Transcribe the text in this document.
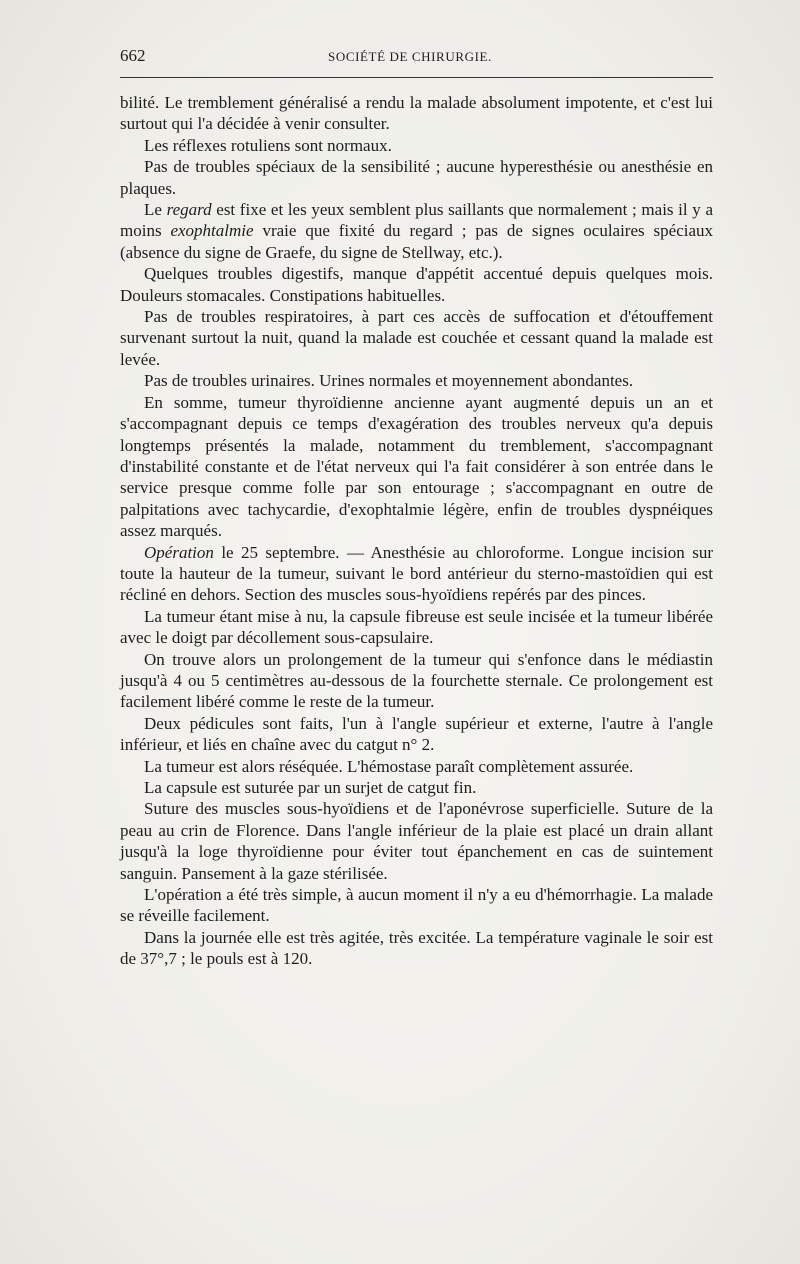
662	SOCIÉTÉ DE CHIRURGIE.

bilité. Le tremblement généralisé a rendu la malade absolument impotente, et c'est lui surtout qui l'a décidée à venir consulter.

Les réflexes rotuliens sont normaux.

Pas de troubles spéciaux de la sensibilité ; aucune hyperesthésie ou anesthésie en plaques.

Le regard est fixe et les yeux semblent plus saillants que normalement ; mais il y a moins exophtalmie vraie que fixité du regard ; pas de signes oculaires spéciaux (absence du signe de Graefe, du signe de Stellway, etc.).

Quelques troubles digestifs, manque d'appétit accentué depuis quelques mois. Douleurs stomacales. Constipations habituelles.

Pas de troubles respiratoires, à part ces accès de suffocation et d'étouffement survenant surtout la nuit, quand la malade est couchée et cessant quand la malade est levée.

Pas de troubles urinaires. Urines normales et moyennement abondantes.

En somme, tumeur thyroïdienne ancienne ayant augmenté depuis un an et s'accompagnant depuis ce temps d'exagération des troubles nerveux qu'a depuis longtemps présentés la malade, notamment du tremblement, s'accompagnant d'instabilité constante et de l'état nerveux qui l'a fait considérer à son entrée dans le service presque comme folle par son entourage ; s'accompagnant en outre de palpitations avec tachycardie, d'exophtalmie légère, enfin de troubles dyspnéiques assez marqués.

Opération le 25 septembre. — Anesthésie au chloroforme. Longue incision sur toute la hauteur de la tumeur, suivant le bord antérieur du sterno-mastoïdien qui est récliné en dehors. Section des muscles sous-hyoïdiens repérés par des pinces.

La tumeur étant mise à nu, la capsule fibreuse est seule incisée et la tumeur libérée avec le doigt par décollement sous-capsulaire.

On trouve alors un prolongement de la tumeur qui s'enfonce dans le médiastin jusqu'à 4 ou 5 centimètres au-dessous de la fourchette sternale. Ce prolongement est facilement libéré comme le reste de la tumeur.

Deux pédicules sont faits, l'un à l'angle supérieur et externe, l'autre à l'angle inférieur, et liés en chaîne avec du catgut n° 2.

La tumeur est alors réséquée. L'hémostase paraît complètement assurée.

La capsule est suturée par un surjet de catgut fin.

Suture des muscles sous-hyoïdiens et de l'aponévrose superficielle. Suture de la peau au crin de Florence. Dans l'angle inférieur de la plaie est placé un drain allant jusqu'à la loge thyroïdienne pour éviter tout épanchement en cas de suintement sanguin. Pansement à la gaze stérilisée.

L'opération a été très simple, à aucun moment il n'y a eu d'hémorrhagie. La malade se réveille facilement.

Dans la journée elle est très agitée, très excitée. La température vaginale le soir est de 37°,7 ; le pouls est à 120.
